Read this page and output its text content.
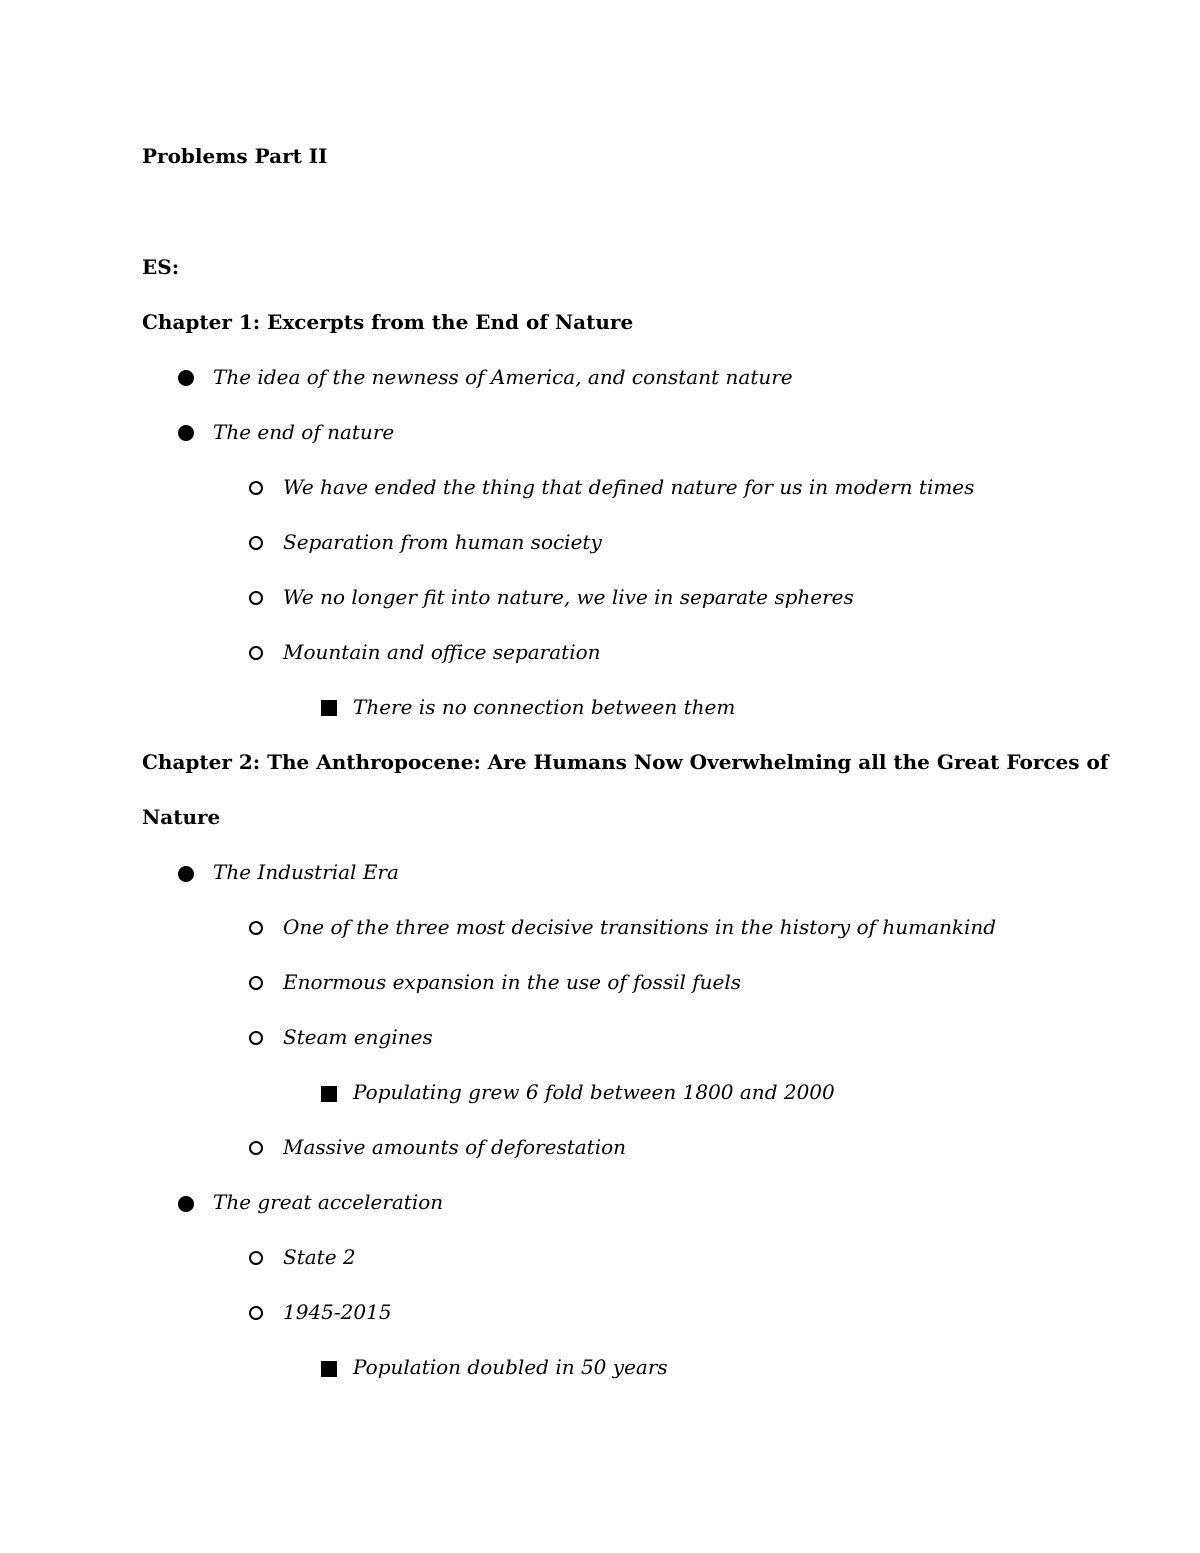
Problems Part II
ES:
Chapter 1: Excerpts from the End of Nature
The idea of the newness of America, and constant nature
The end of nature
We have ended the thing that defined nature for us in modern times
Separation from human society
We no longer fit into nature, we live in separate spheres
Mountain and office separation
There is no connection between them
Chapter 2: The Anthropocene: Are Humans Now Overwhelming all the Great Forces of
Nature
The Industrial Era
One of the three most decisive transitions in the history of humankind
Enormous expansion in the use of fossil fuels
Steam engines
Populating grew 6 fold between 1800 and 2000
Massive amounts of deforestation
The great acceleration
State 2
1945-2015
Population doubled in 50 years
